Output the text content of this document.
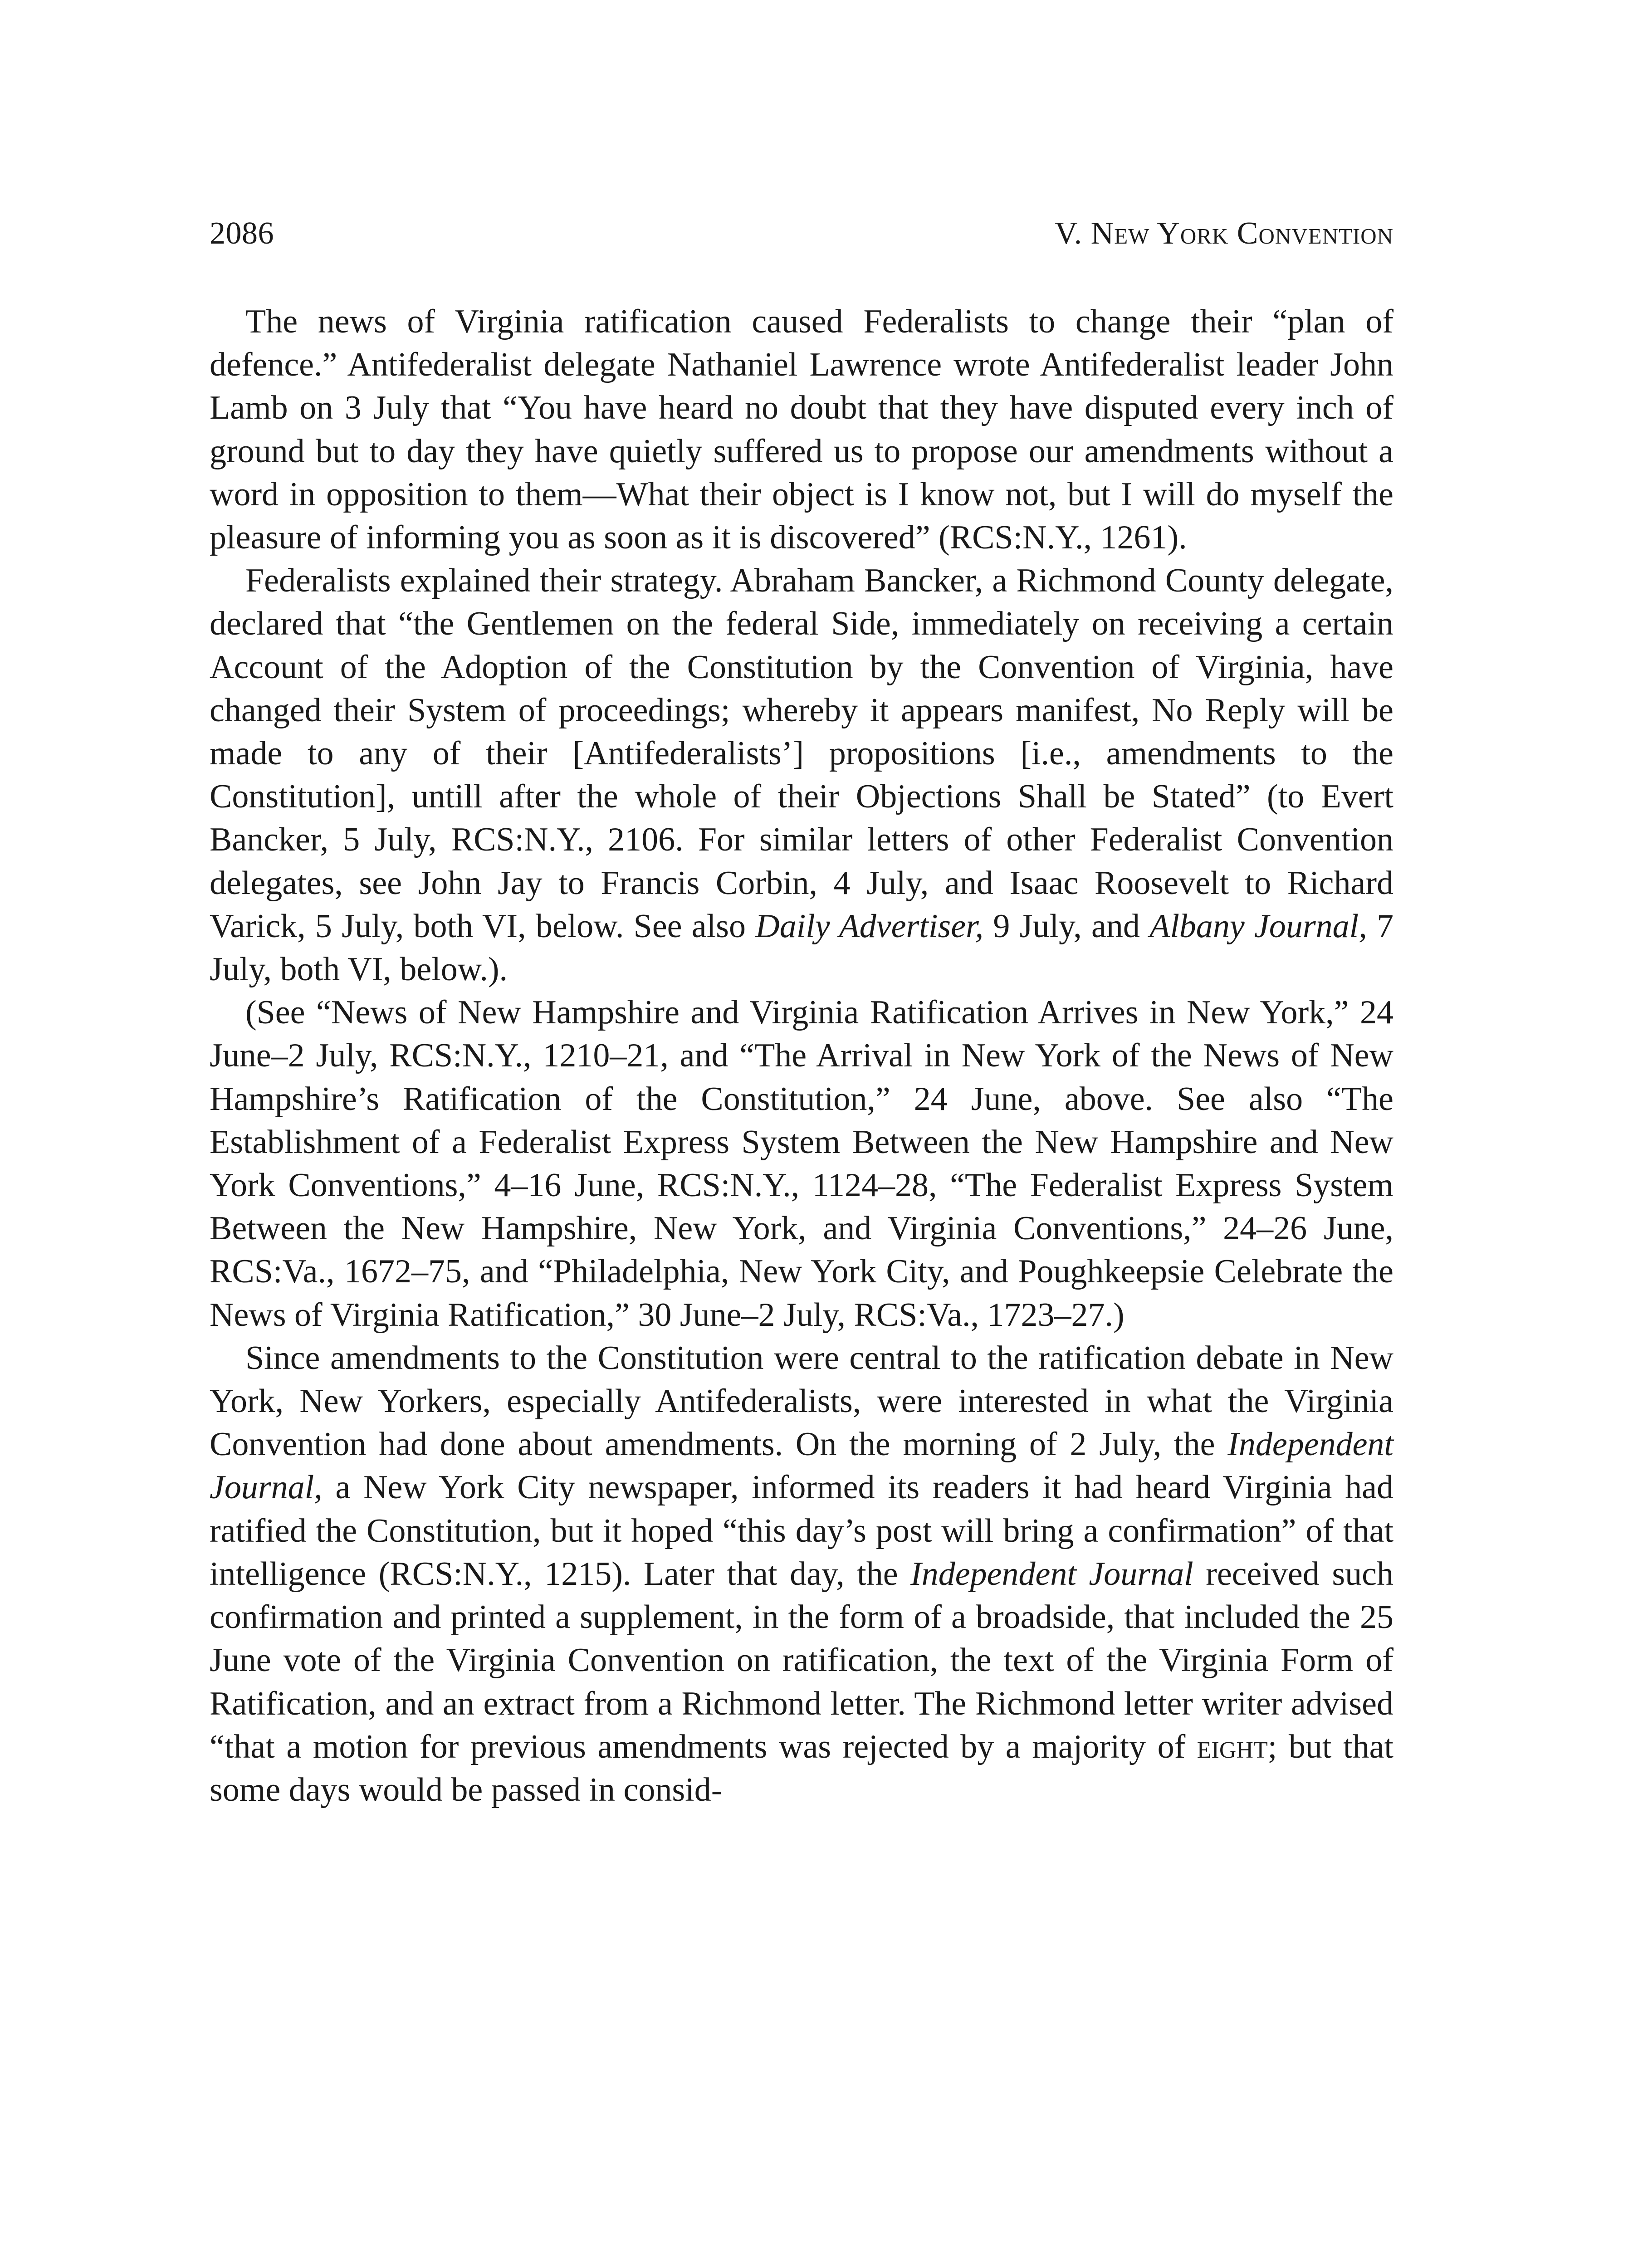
2086	V. New York Convention

The news of Virginia ratification caused Federalists to change their “plan of defence.” Antifederalist delegate Nathaniel Lawrence wrote Antifederalist leader John Lamb on 3 July that “You have heard no doubt that they have disputed every inch of ground but to day they have quietly suffered us to propose our amendments without a word in opposition to them—What their object is I know not, but I will do myself the pleasure of informing you as soon as it is discovered” (RCS:N.Y., 1261).

Federalists explained their strategy. Abraham Bancker, a Richmond County delegate, declared that “the Gentlemen on the federal Side, immediately on receiving a certain Account of the Adoption of the Constitution by the Convention of Virginia, have changed their System of proceedings; whereby it appears manifest, No Reply will be made to any of their [Antifederalists’] propositions [i.e., amendments to the Constitution], untill after the whole of their Objections Shall be Stated” (to Evert Bancker, 5 July, RCS:N.Y., 2106. For similar letters of other Federalist Convention delegates, see John Jay to Francis Corbin, 4 July, and Isaac Roosevelt to Richard Varick, 5 July, both VI, below. See also Daily Advertiser, 9 July, and Albany Journal, 7 July, both VI, below.).

(See “News of New Hampshire and Virginia Ratification Arrives in New York,” 24 June–2 July, RCS:N.Y., 1210–21, and “The Arrival in New York of the News of New Hampshire’s Ratification of the Constitution,” 24 June, above. See also “The Establishment of a Federalist Express System Between the New Hampshire and New York Conventions,” 4–16 June, RCS:N.Y., 1124–28, “The Federalist Express System Between the New Hampshire, New York, and Virginia Conventions,” 24–26 June, RCS:Va., 1672–75, and “Philadelphia, New York City, and Poughkeepsie Celebrate the News of Virginia Ratification,” 30 June–2 July, RCS:Va., 1723–27.)

Since amendments to the Constitution were central to the ratification debate in New York, New Yorkers, especially Antifederalists, were interested in what the Virginia Convention had done about amendments. On the morning of 2 July, the Independent Journal, a New York City newspaper, informed its readers it had heard Virginia had ratified the Constitution, but it hoped “this day’s post will bring a confirmation” of that intelligence (RCS:N.Y., 1215). Later that day, the Independent Journal received such confirmation and printed a supplement, in the form of a broadside, that included the 25 June vote of the Virginia Convention on ratification, the text of the Virginia Form of Ratification, and an extract from a Richmond letter. The Richmond letter writer advised “that a motion for previous amendments was rejected by a majority of eight; but that some days would be passed in consid-
